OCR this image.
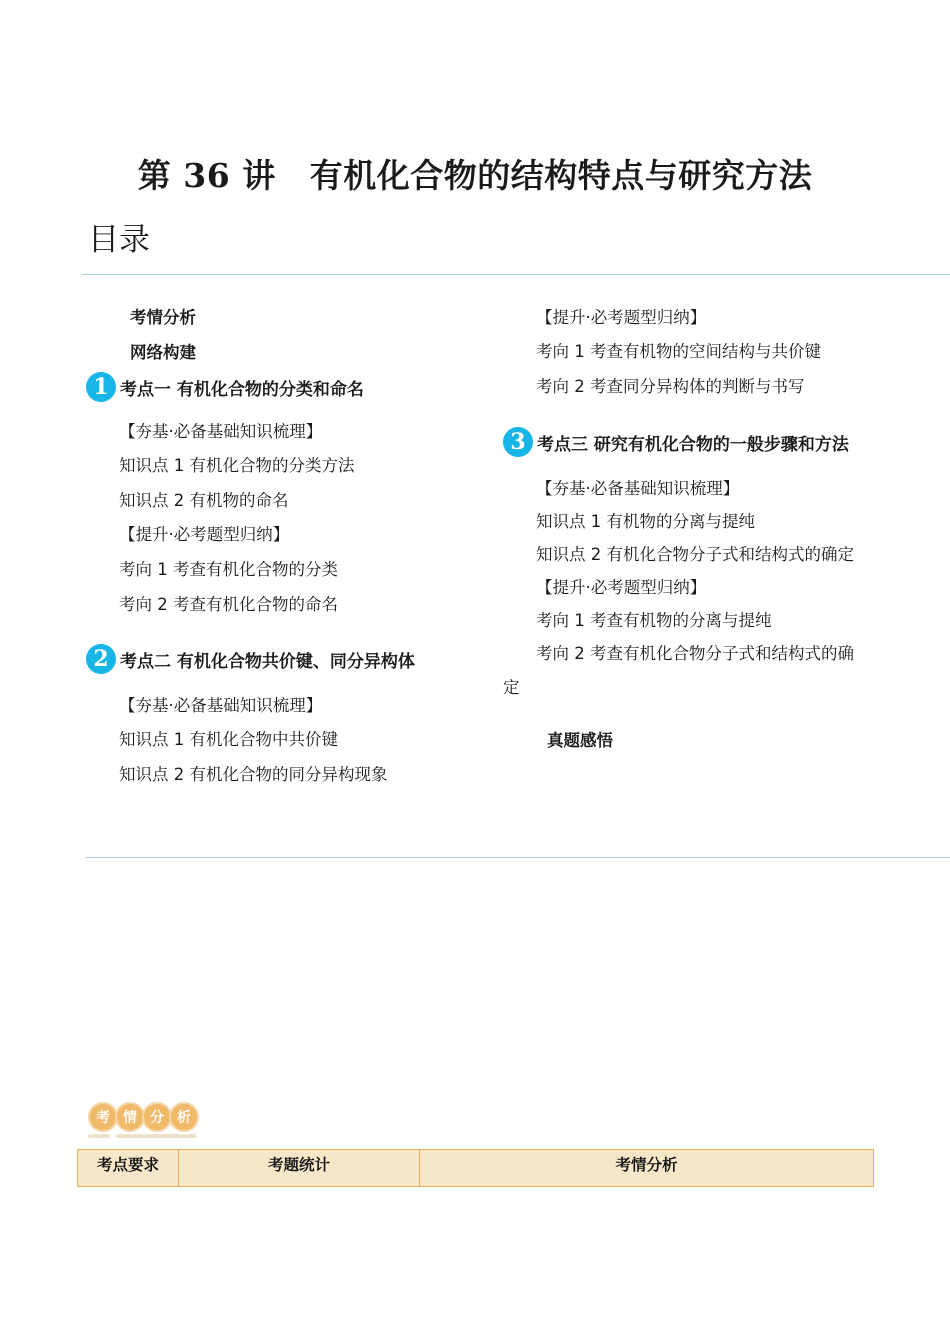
第 36 讲 有机化合物的结构特点与研究方法
目录
考情分析
网络构建
1 考点一 有机化合物的分类和命名
【夯基·必备基础知识梳理】
知识点 1 有机化合物的分类方法
知识点 2 有机物的命名
【提升·必考题型归纳】
考向 1 考查有机化合物的分类
考向 2 考查有机化合物的命名
2 考点二 有机化合物共价键、同分异构体
【夯基·必备基础知识梳理】
知识点 1 有机化合物中共价键
知识点 2 有机化合物的同分异构现象
【提升·必考题型归纳】
考向 1 考查有机物的空间结构与共价键
考向 2 考查同分异构体的判断与书写
3 考点三 研究有机化合物的一般步骤和方法
【夯基·必备基础知识梳理】
知识点 1 有机物的分离与提纯
知识点 2 有机化合物分子式和结构式的确定
【提升·必考题型归纳】
考向 1 考查有机物的分离与提纯
考向 2 考查有机化合物分子式和结构式的确
定
真题感悟
考 情 分 析
考点要求	考题统计	考情分析
